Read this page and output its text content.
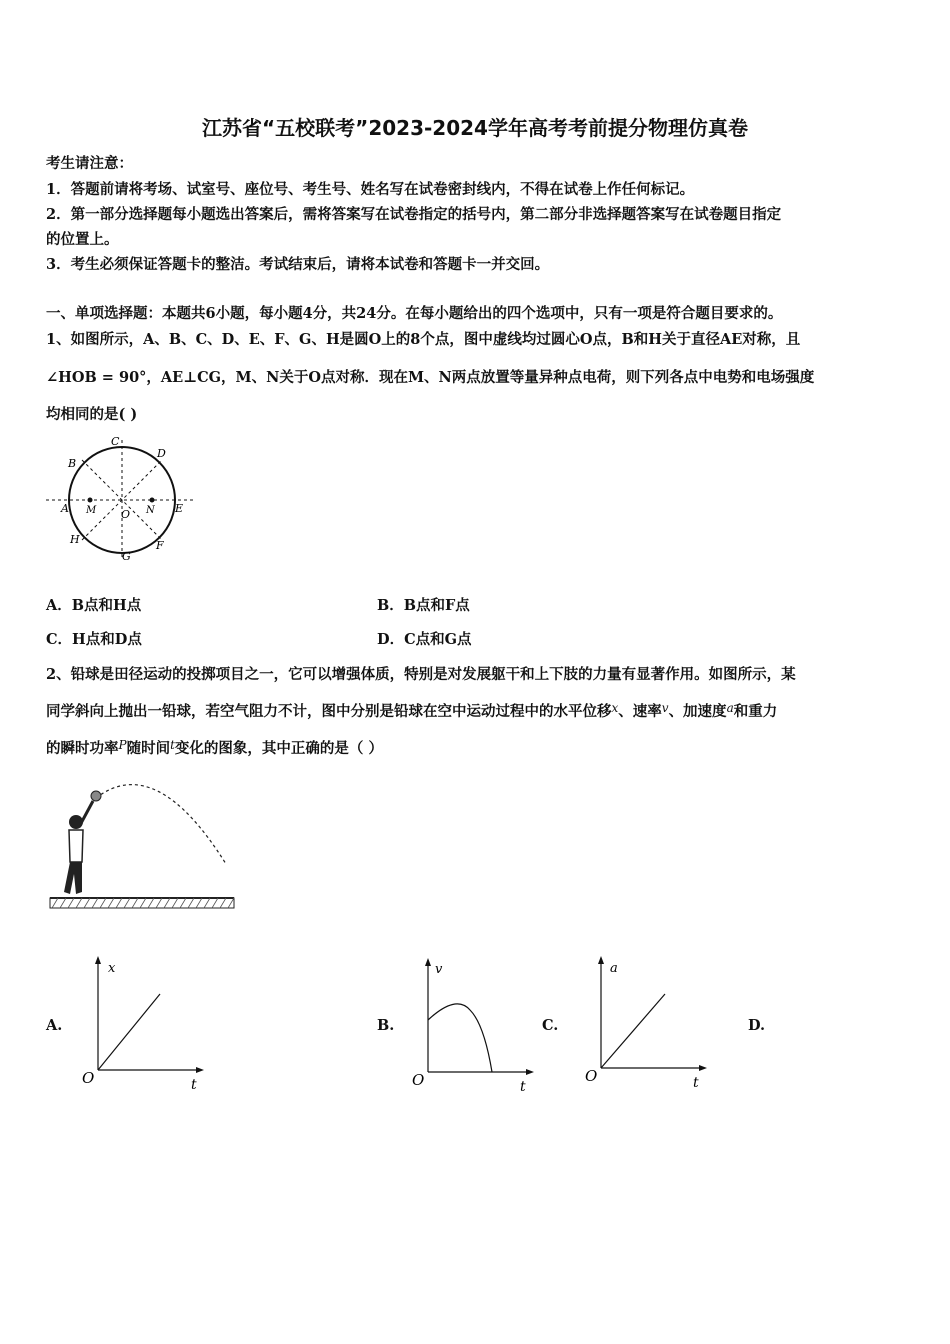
江苏省“五校联考”2023-2024学年高考考前提分物理仿真卷
考生请注意：
1．答题前请将考场、试室号、座位号、考生号、姓名写在试卷密封线内，不得在试卷上作任何标记。
2．第一部分选择题每小题选出答案后，需将答案写在试卷指定的括号内，第二部分非选择题答案写在试卷题目指定
的位置上。
3．考生必须保证答题卡的整洁。考试结束后，请将本试卷和答题卡一并交回。
一、单项选择题：本题共6小题，每小题4分，共24分。在每小题给出的四个选项中，只有一项是符合题目要求的。
1、如图所示，A、B、C、D、E、F、G、H是圆O上的8个点，图中虚线均过圆心O点，B和H关于直径AE对称，且
∠HOB = 90°，AE⊥CG，M、N关于O点对称．现在M、N两点放置等量异种点电荷，则下列各点中电势和电场强度
均相同的是( )
C
D
B
A M O N E
H
G
F
A．B点和H点	B．B点和F点
C．H点和D点	D．C点和G点
2、铅球是田径运动的投掷项目之一，它可以增强体质，特别是对发展躯干和上下肢的力量有显著作用。如图所示，某
同学斜向上抛出一铅球，若空气阻力不计，图中分别是铅球在空中运动过程中的水平位移$^x$、速率$^v$、加速度$^a$和重力
的瞬时功率$^P$随时间$^t$变化的图象，其中正确的是（ ）
A.	B.	C.	D.
x
t
O
v
t
O
a
t
O
